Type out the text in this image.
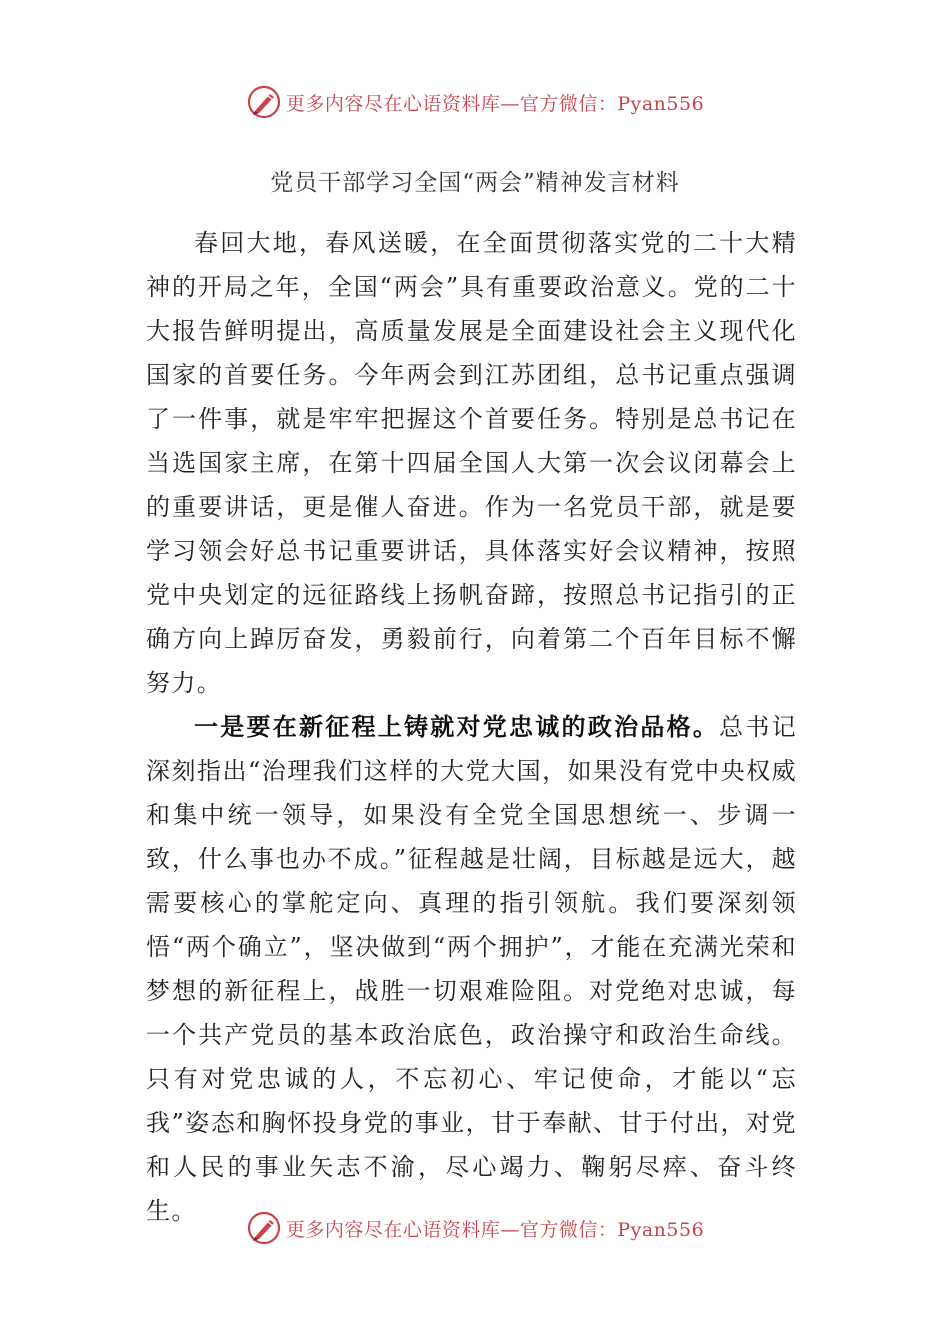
更多内容尽在心语资料库—官方微信：Pyan556
党员干部学习全国“两会”精神发言材料

春回大地，春风送暖，在全面贯彻落实党的二十大精神的开局之年，全国“两会”具有重要政治意义。党的二十大报告鲜明提出，高质量发展是全面建设社会主义现代化国家的首要任务。今年两会到江苏团组，总书记重点强调了一件事，就是牢牢把握这个首要任务。特别是总书记在当选国家主席，在第十四届全国人大第一次会议闭幕会上的重要讲话，更是催人奋进。作为一名党员干部，就是要学习领会好总书记重要讲话，具体落实好会议精神，按照党中央划定的远征路线上扬帆奋蹄，按照总书记指引的正确方向上踔厉奋发，勇毅前行，向着第二个百年目标不懈努力。

一是要在新征程上铸就对党忠诚的政治品格。总书记深刻指出“治理我们这样的大党大国，如果没有党中央权威和集中统一领导，如果没有全党全国思想统一、步调一致，什么事也办不成。”征程越是壮阔，目标越是远大，越需要核心的掌舵定向、真理的指引领航。我们要深刻领悟“两个确立”，坚决做到“两个拥护”，才能在充满光荣和梦想的新征程上，战胜一切艰难险阻。对党绝对忠诚，每一个共产党员的基本政治底色，政治操守和政治生命线。只有对党忠诚的人，不忘初心、牢记使命，才能以“忘我”姿态和胸怀投身党的事业，甘于奉献、甘于付出，对党和人民的事业矢志不渝，尽心竭力、鞠躬尽瘁、奋斗终生。

更多内容尽在心语资料库—官方微信：Pyan556
